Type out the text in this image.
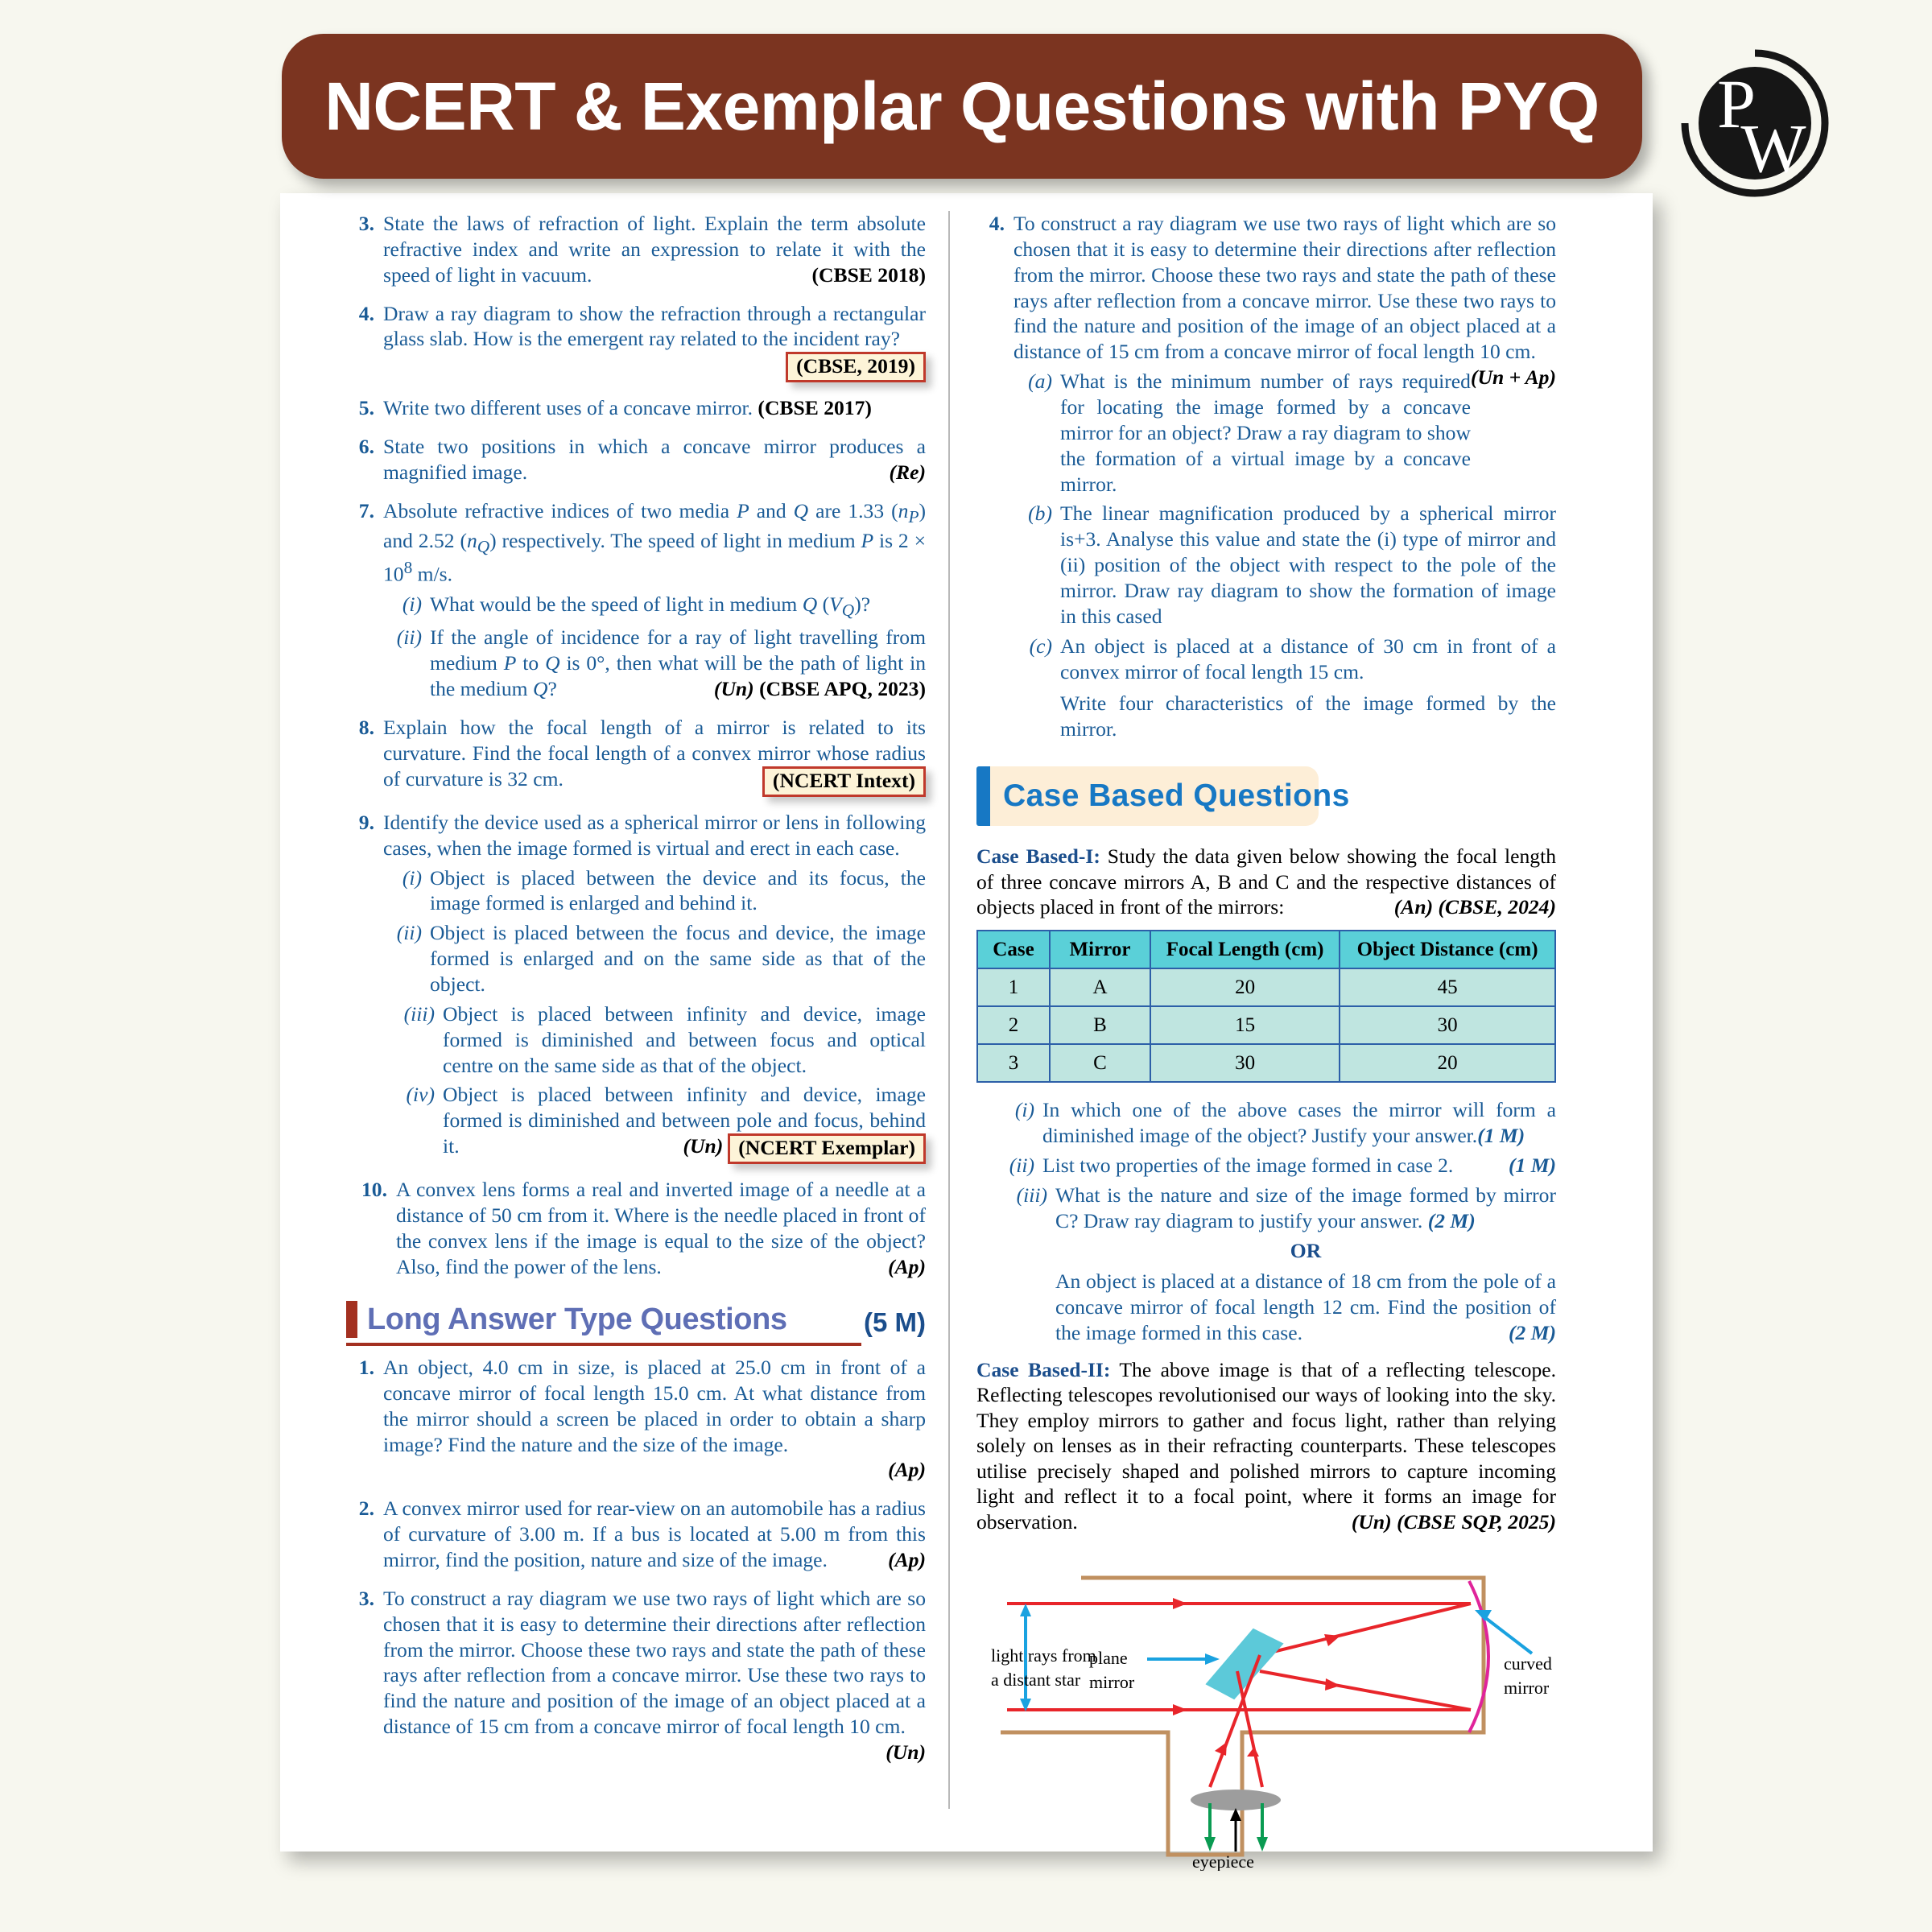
NCERT & Exemplar Questions with PYQ P
W
3. State the laws of refraction of light. Explain the term absolute refractive index and write an expression to relate it with the speed of light in vacuum.	(CBSE 2018)
4. Draw a ray diagram to show the refraction through a rectangular glass slab. How is the emergent ray related to the incident ray?
(CBSE, 2019)
5. Write two different uses of a concave mirror. (CBSE 2017)
6. State two positions in which a concave mirror produces a magnified image.	(Re)
7. Absolute refractive indices of two media P and Q are 1.33 $(n_P)$ and 2.52 $(n_Q)$ respectively. The speed of light in medium P is $2 \times 10^8$ m/s.
(i) What would be the speed of light in medium Q $(V_Q)$?
(ii) If the angle of incidence for a ray of light travelling from medium P to Q is 0°, then what will be the path of light in the medium Q?	(Un) (CBSE APQ, 2023)
8. Explain how the focal length of a mirror is related to its curvature. Find the focal length of a convex mirror whose radius of curvature is 32 cm.	(NCERT Intext)
9. Identify the device used as a spherical mirror or lens in following cases, when the image formed is virtual and erect in each case.
(i) Object is placed between the device and its focus, the image formed is enlarged and behind it.
(ii) Object is placed between the focus and device, the image formed is enlarged and on the same side as that of the object.
(iii) Object is placed between infinity and device, image formed is diminished and between focus and optical centre on the same side as that of the object.
(iv) Object is placed between infinity and device, image formed is diminished and between pole and focus, behind it.	(NCERT Exemplar)
(Un)
10. A convex lens forms a real and inverted image of a needle at a distance of 50 cm from it. Where is the needle placed in front of the convex lens if the image is equal to the size of the object? Also, find the power of the lens.	(Ap)
Long Answer Type Questions	(5 M)
1. An object, 4.0 cm in size, is placed at 25.0 cm in front of a concave mirror of focal length 15.0 cm. At what distance from the mirror should a screen be placed in order to obtain a sharp image? Find the nature and the size of the image.
(Ap)
2. A convex mirror used for rear-view on an automobile has a radius of curvature of 3.00 m. If a bus is located at 5.00 m from this mirror, find the position, nature and size of the image.	(Ap)
3. To construct a ray diagram we use two rays of light which are so chosen that it is easy to determine their directions after reflection from the mirror. Choose these two rays and state the path of these rays after reflection from a concave mirror. Use these two rays to find the nature and position of the image of an object placed at a distance of 15 cm from a concave mirror of focal length 10 cm.
(Un)
4. To construct a ray diagram we use two rays of light which are so chosen that it is easy to determine their directions after reflection from the mirror. Choose these two rays and state the path of these rays after reflection from a concave mirror. Use these two rays to find the nature and position of the image of an object placed at a distance of 15 cm from a concave mirror of focal length 10 cm.
(Un + Ap)
(a) What is the minimum number of rays required for locating the image formed by a concave mirror for an object? Draw a ray diagram to show the formation of a virtual image by a concave mirror.
(b) The linear magnification produced by a spherical mirror is+3. Analyse this value and state the (i) type of mirror and (ii) position of the object with respect to the pole of the mirror. Draw ray diagram to show the formation of image in this cased
(c) An object is placed at a distance of 30 cm in front of a convex mirror of focal length 15 cm.
Write four characteristics of the image formed by the mirror.
Case Based Questions
Case Based-I: Study the data given below showing the focal length of three concave mirrors A, B and C and the respective distances of objects placed in front of the mirrors:	(An) (CBSE, 2024)
Case	Mirror	Focal Length (cm)	Object Distance (cm)
1	A	20	45
2	B	15	30
3	C	30	20
(i) In which one of the above cases the mirror will form a diminished image of the object? Justify your answer.(1 M)
(ii) List two properties of the image formed in case 2.	(1 M)
(iii) What is the nature and size of the image formed by mirror C? Draw ray diagram to justify your answer. (2 M)
OR
An object is placed at a distance of 18 cm from the pole of a concave mirror of focal length 12 cm. Find the position of the image formed in this case.	(2 M)
Case Based-II: The above image is that of a reflecting telescope. Reflecting telescopes revolutionised our ways of looking into the sky. They employ mirrors to gather and focus light, rather than relying solely on lenses as in their refracting counterparts. These telescopes utilise precisely shaped and polished mirrors to capture incoming light and reflect it to a focal point, where it forms an image for observation.	(Un) (CBSE SQP, 2025)
light rays from
a distant star
plane
mirror
curved
mirror
eyepiece
